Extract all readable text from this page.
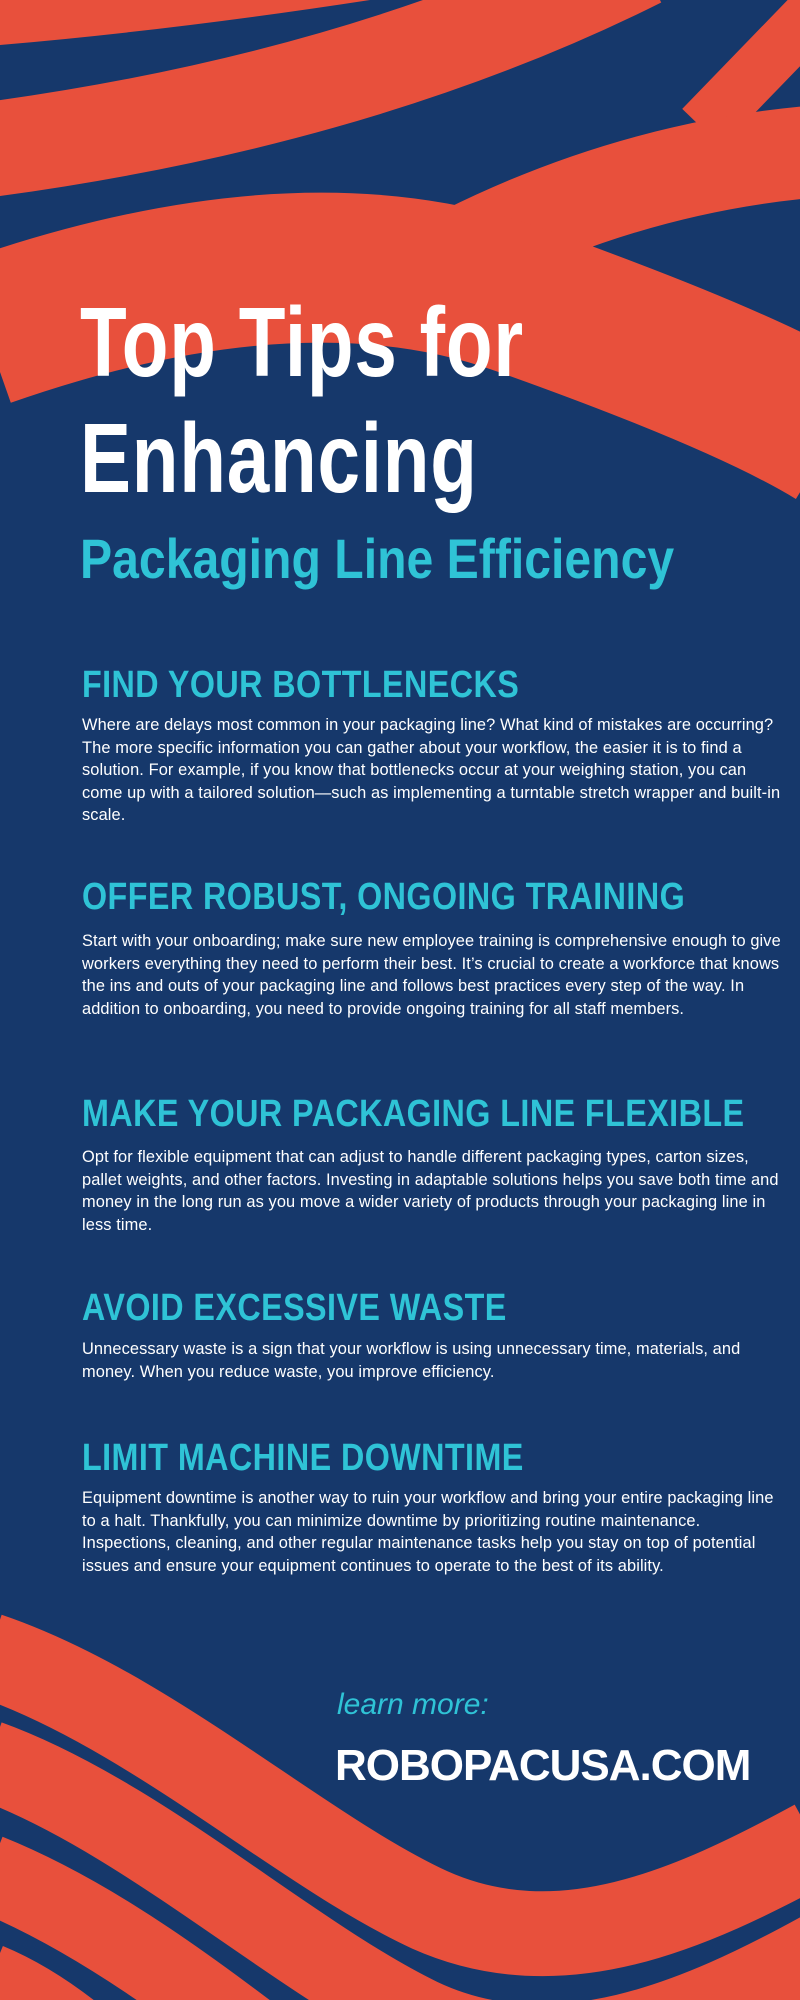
Top Tips for
Enhancing
Packaging Line Efficiency
FIND YOUR BOTTLENECKS
Where are delays most common in your packaging line? What kind of mistakes are occurring? The more specific information you can gather about your workflow, the easier it is to find a solution. For example, if you know that bottlenecks occur at your weighing station, you can come up with a tailored solution—such as implementing a turntable stretch wrapper and built-in scale.
OFFER ROBUST, ONGOING TRAINING
Start with your onboarding; make sure new employee training is comprehensive enough to give workers everything they need to perform their best. It’s crucial to create a workforce that knows the ins and outs of your packaging line and follows best practices every step of the way. In addition to onboarding, you need to provide ongoing training for all staff members.
MAKE YOUR PACKAGING LINE FLEXIBLE
Opt for flexible equipment that can adjust to handle different packaging types, carton sizes, pallet weights, and other factors. Investing in adaptable solutions helps you save both time and money in the long run as you move a wider variety of products through your packaging line in less time.
AVOID EXCESSIVE WASTE
Unnecessary waste is a sign that your workflow is using unnecessary time, materials, and money. When you reduce waste, you improve efficiency.
LIMIT MACHINE DOWNTIME
Equipment downtime is another way to ruin your workflow and bring your entire packaging line to a halt. Thankfully, you can minimize downtime by prioritizing routine maintenance. Inspections, cleaning, and other regular maintenance tasks help you stay on top of potential issues and ensure your equipment continues to operate to the best of its ability.
learn more:
ROBOPACUSA.COM
